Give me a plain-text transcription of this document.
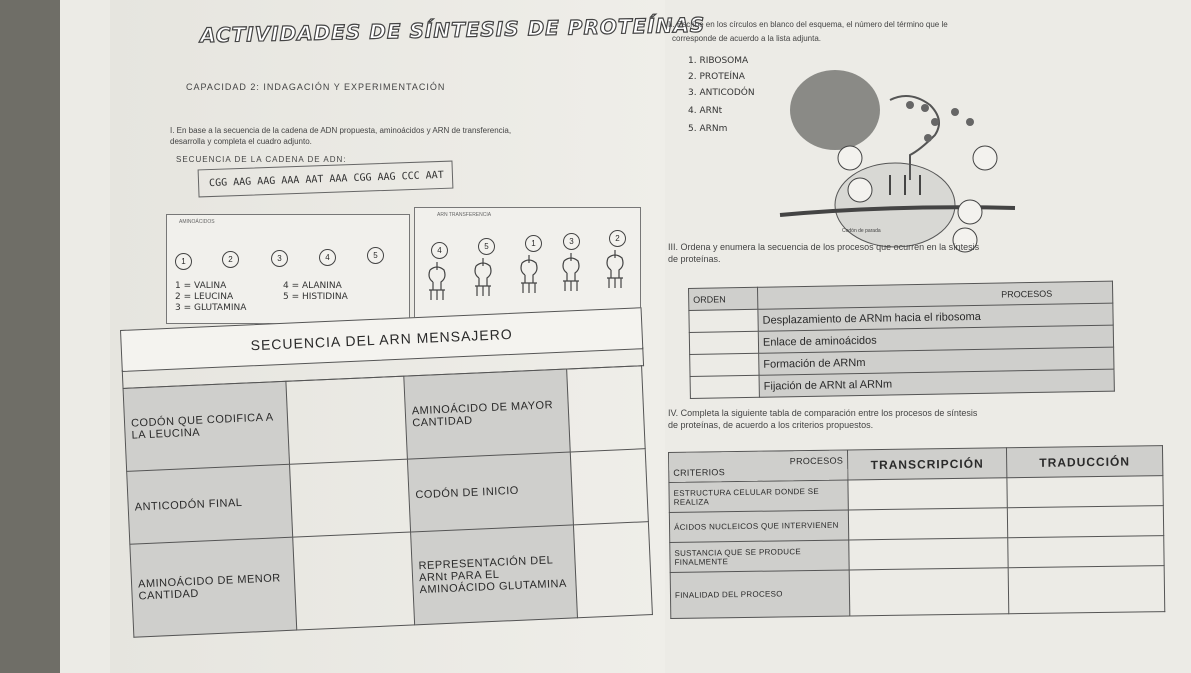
ACTIVIDADES DE SÍNTESIS DE PROTEÍNAS
CAPACIDAD 2: INDAGACIÓN Y EXPERIMENTACIÓN
I. En base a la secuencia de la cadena de ADN propuesta, aminoácidos y ARN de transferencia,
desarrolla y completa el cuadro adjunto.
SECUENCIA DE LA CADENA DE ADN:
CGG AAG AAG AAA AAT AAA CGG AAG CCC AAT
AMINOÁCIDOS
1	2	3	4	5
1 = VALINA
2 = LEUCINA
3 = GLUTAMINA
4 = ALANINA
5 = HISTIDINA
ARN TRANSFERENCIA
4	5	1	3	2
SECUENCIA DEL ARN MENSAJERO
CODÓN QUE CODIFICA A LA LEUCINA		AMINOÁCIDO DE MAYOR CANTIDAD	
ANTICODÓN FINAL		CODÓN DE INICIO	
AMINOÁCIDO DE MENOR CANTIDAD		REPRESENTACIÓN DEL ARNt PARA EL AMINOÁCIDO GLUTAMINA	
II. Escribe en los círculos en blanco del esquema, el número del término que le
corresponde de acuerdo a la lista adjunta.
1. RIBOSOMA
2. PROTEÍNA
3. ANTICODÓN
4. ARNt
5. ARNm
Codón de parada
III. Ordena y enumera la secuencia de los procesos que ocurren en la síntesis
de proteínas.
ORDEN	PROCESOS
	Desplazamiento de ARNm hacia el ribosoma
	Enlace de aminoácidos
	Formación de ARNm
	Fijación de ARNt al ARNm
IV. Completa la siguiente tabla de comparación entre los procesos de síntesis
de proteínas, de acuerdo a los criterios propuestos.
PROCESOS
CRITERIOS	TRANSCRIPCIÓN	TRADUCCIÓN
ESTRUCTURA CELULAR DONDE SE REALIZA		
ÁCIDOS NUCLEICOS QUE INTERVIENEN		
SUSTANCIA QUE SE PRODUCE FINALMENTE		
FINALIDAD DEL PROCESO		
